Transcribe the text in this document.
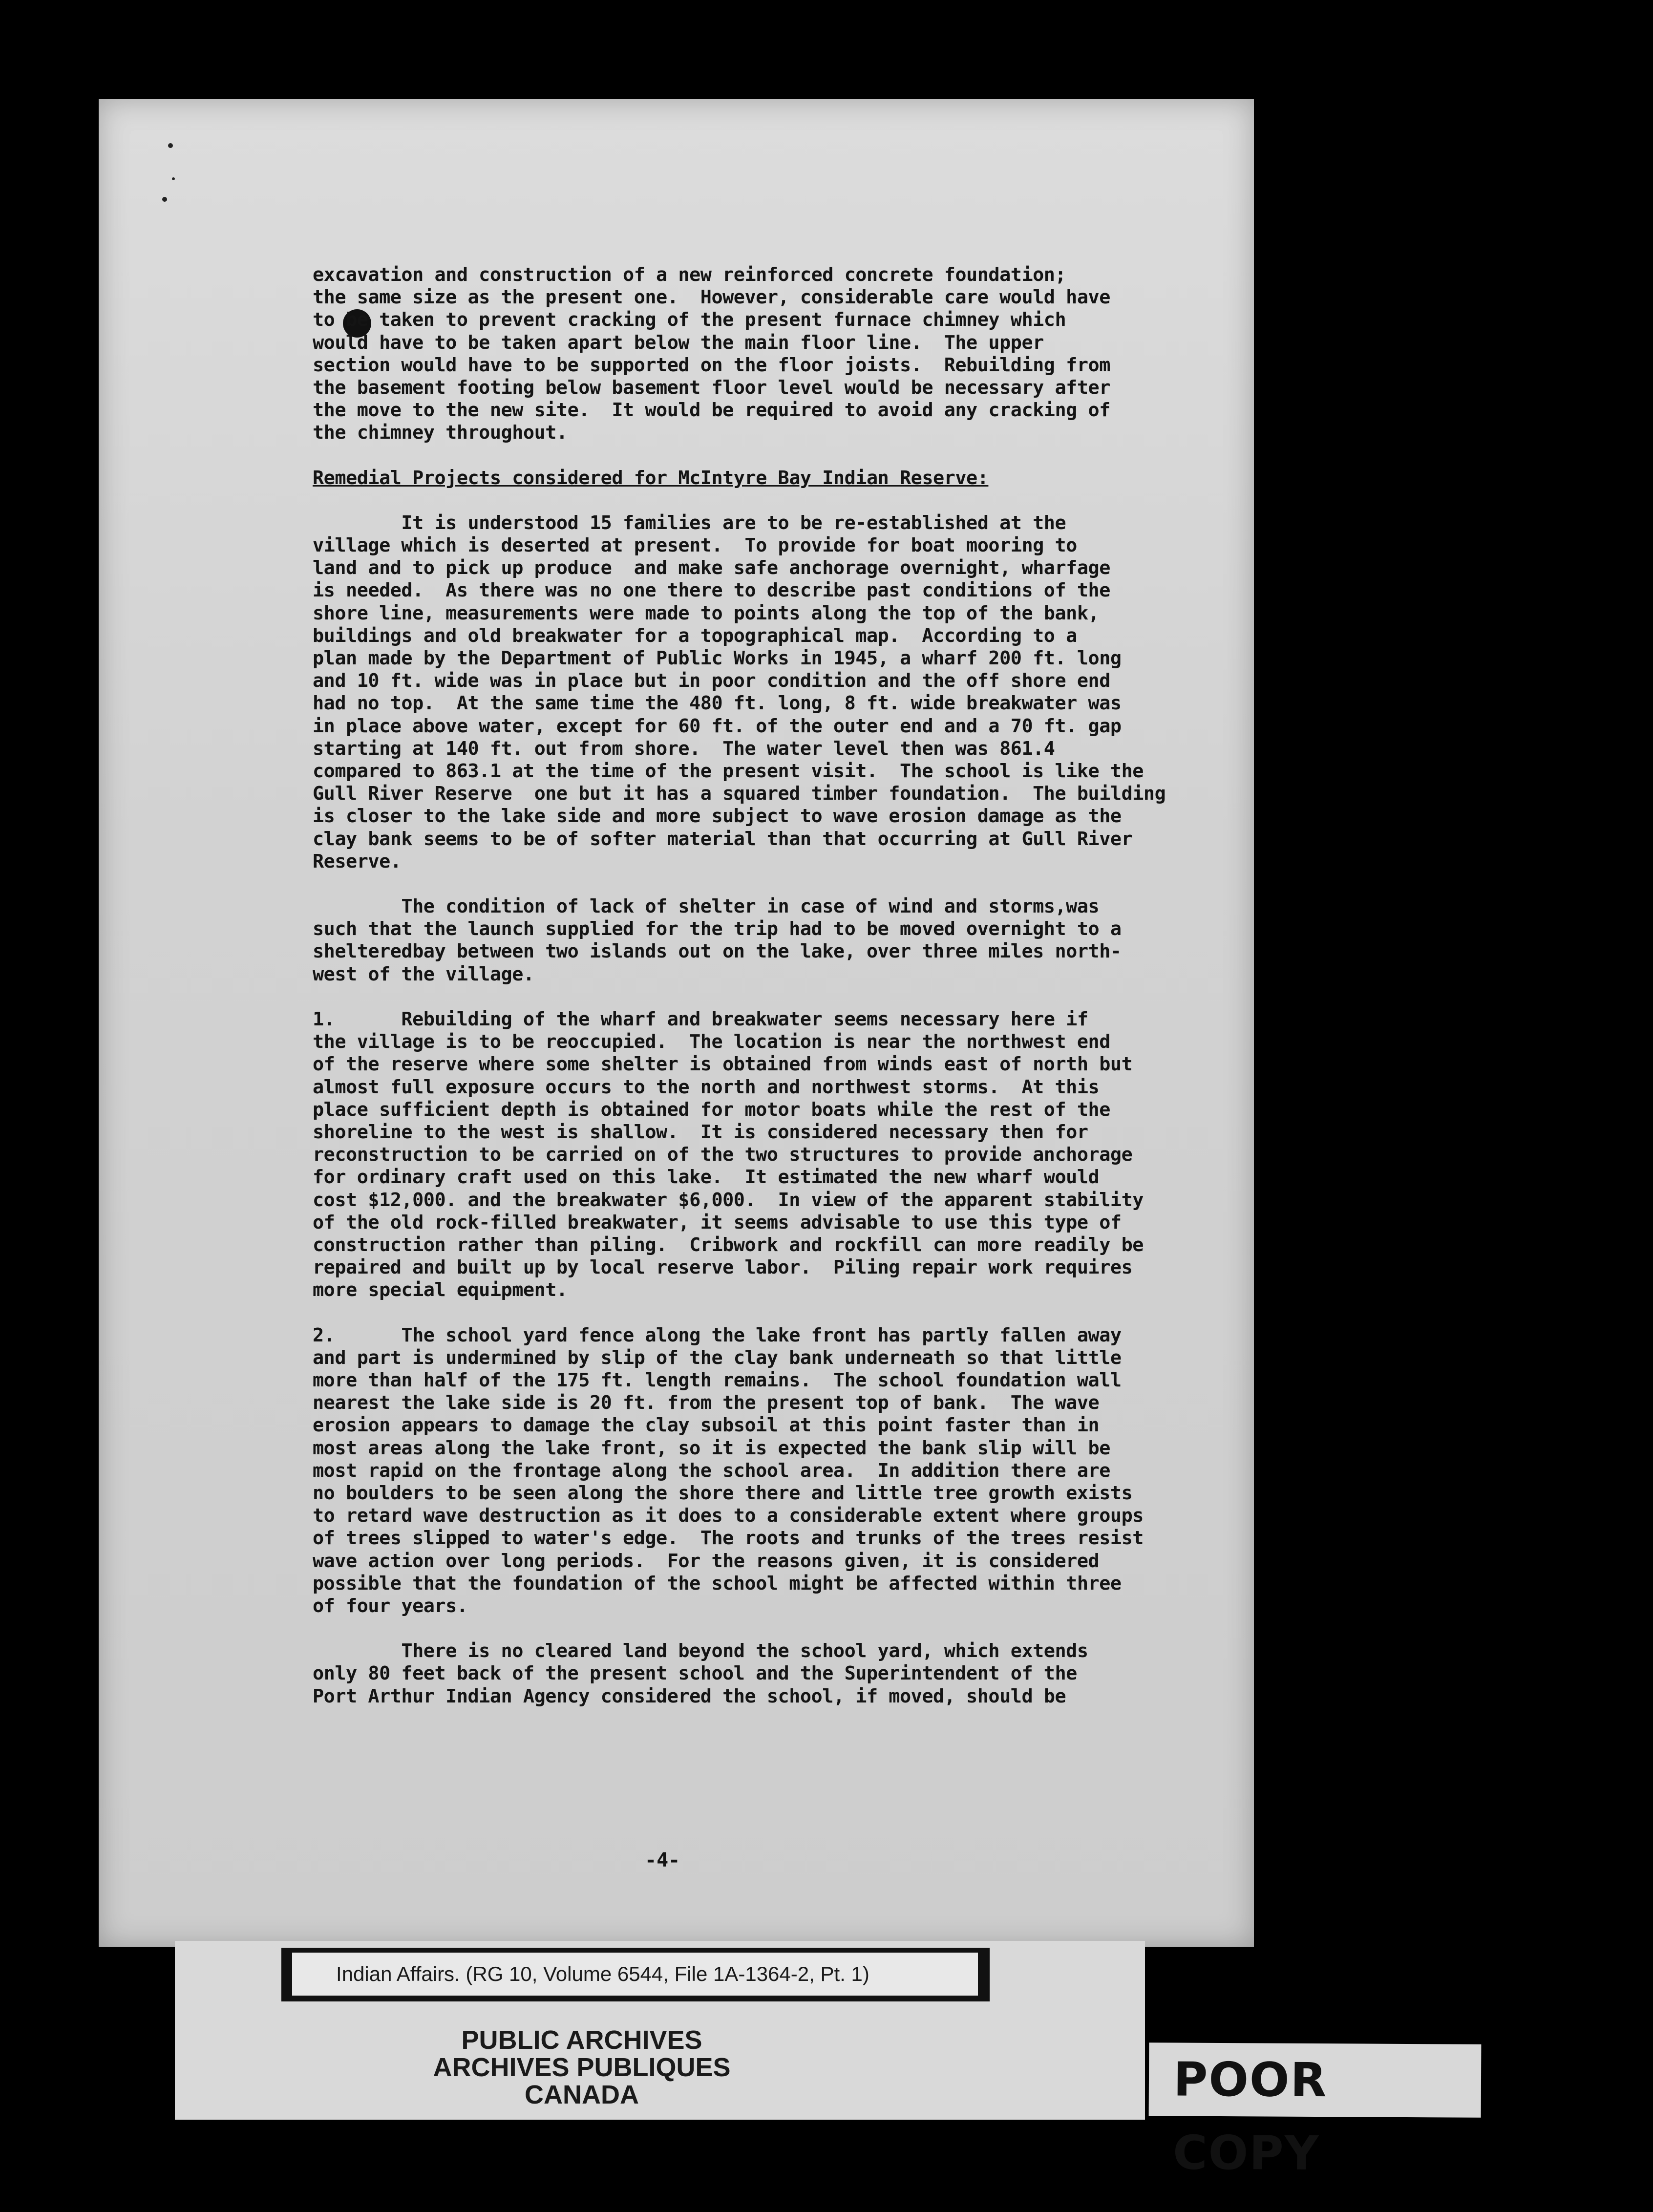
excavation and construction of a new reinforced concrete foundation;
the same size as the present one.  However, considerable care would have
to be taken to prevent cracking of the present furnace chimney which
would have to be taken apart below the main floor line.  The upper
section would have to be supported on the floor joists.  Rebuilding from
the basement footing below basement floor level would be necessary after
the move to the new site.  It would be required to avoid any cracking of
the chimney throughout.
Remedial Projects considered for McIntyre Bay Indian Reserve:
It is understood 15 families are to be re-established at the
village which is deserted at present.  To provide for boat mooring to
land and to pick up produce  and make safe anchorage overnight, wharfage
is needed.  As there was no one there to describe past conditions of the
shore line, measurements were made to points along the top of the bank,
buildings and old breakwater for a topographical map.  According to a
plan made by the Department of Public Works in 1945, a wharf 200 ft. long
and 10 ft. wide was in place but in poor condition and the off shore end
had no top.  At the same time the 480 ft. long, 8 ft. wide breakwater was
in place above water, except for 60 ft. of the outer end and a 70 ft. gap
starting at 140 ft. out from shore.  The water level then was 861.4
compared to 863.1 at the time of the present visit.  The school is like the
Gull River Reserve  one but it has a squared timber foundation.  The building
is closer to the lake side and more subject to wave erosion damage as the
clay bank seems to be of softer material than that occurring at Gull River
Reserve.
The condition of lack of shelter in case of wind and storms,was
such that the launch supplied for the trip had to be moved overnight to a
shelteredbay between two islands out on the lake, over three miles north-
west of the village.
1.      Rebuilding of the wharf and breakwater seems necessary here if
the village is to be reoccupied.  The location is near the northwest end
of the reserve where some shelter is obtained from winds east of north but
almost full exposure occurs to the north and northwest storms.  At this
place sufficient depth is obtained for motor boats while the rest of the
shoreline to the west is shallow.  It is considered necessary then for
reconstruction to be carried on of the two structures to provide anchorage
for ordinary craft used on this lake.  It estimated the new wharf would
cost $12,000. and the breakwater $6,000.  In view of the apparent stability
of the old rock-filled breakwater, it seems advisable to use this type of
construction rather than piling.  Cribwork and rockfill can more readily be
repaired and built up by local reserve labor.  Piling repair work requires
more special equipment.
2.      The school yard fence along the lake front has partly fallen away
and part is undermined by slip of the clay bank underneath so that little
more than half of the 175 ft. length remains.  The school foundation wall
nearest the lake side is 20 ft. from the present top of bank.  The wave
erosion appears to damage the clay subsoil at this point faster than in
most areas along the lake front, so it is expected the bank slip will be
most rapid on the frontage along the school area.  In addition there are
no boulders to be seen along the shore there and little tree growth exists
to retard wave destruction as it does to a considerable extent where groups
of trees slipped to water's edge.  The roots and trunks of the trees resist
wave action over long periods.  For the reasons given, it is considered
possible that the foundation of the school might be affected within three
of four years.
There is no cleared land beyond the school yard, which extends
only 80 feet back of the present school and the Superintendent of the
Port Arthur Indian Agency considered the school, if moved, should be
-4-
Indian Affairs. (RG 10, Volume 6544, File 1A-1364-2, Pt. 1)
PUBLIC ARCHIVES
ARCHIVES PUBLIQUES
CANADA	POOR COPY
